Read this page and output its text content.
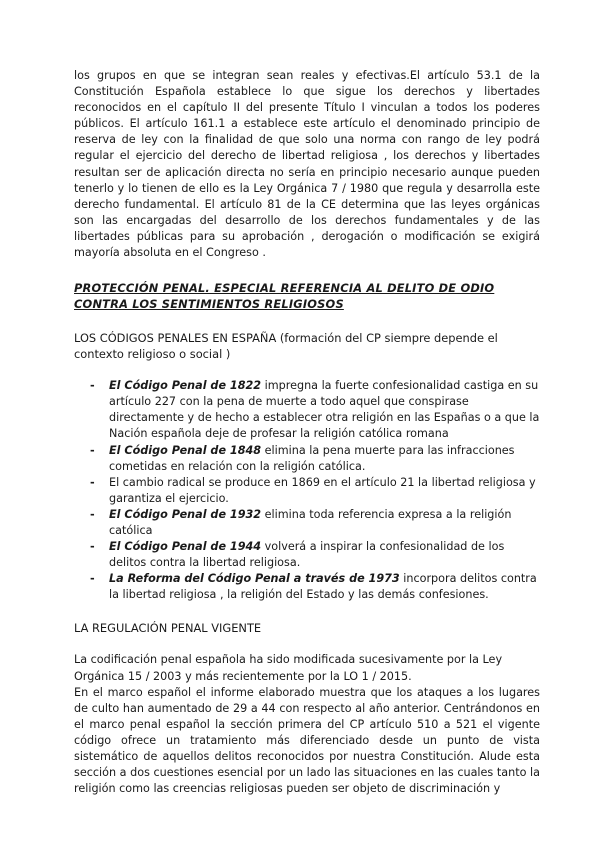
los grupos en que se integran sean reales y efectivas.El artículo 53.1 de la Constitución Española establece lo que sigue los derechos y libertades reconocidos en el capítulo II del presente Título I vinculan a todos los poderes públicos. El artículo 161.1 a establece este artículo el denominado principio de reserva de ley con la finalidad de que solo una norma con rango de ley podrá regular el ejercicio del derecho de libertad religiosa , los derechos y libertades resultan ser de aplicación directa no sería en principio necesario aunque pueden tenerlo y lo tienen de ello es la Ley Orgánica 7 / 1980 que regula y desarrolla este derecho fundamental. El artículo 81 de la CE determina que las leyes orgánicas son las encargadas del desarrollo de los derechos fundamentales y de las libertades públicas para su aprobación , derogación o modificación se exigirá mayoría absoluta en el Congreso .

PROTECCIÓN PENAL. ESPECIAL REFERENCIA AL DELITO DE ODIO CONTRA LOS SENTIMIENTOS RELIGIOSOS

LOS CÓDIGOS PENALES EN ESPAÑA (formación del CP siempre depende el contexto religioso o social )

- El Código Penal de 1822 impregna la fuerte confesionalidad castiga en su artículo 227 con la pena de muerte a todo aquel que conspirase directamente y de hecho a establecer otra religión en las Españas o a que la Nación española deje de profesar la religión católica romana
- El Código Penal de 1848 elimina la pena muerte para las infracciones cometidas en relación con la religión católica.
- El cambio radical se produce en 1869 en el artículo 21 la libertad religiosa y garantiza el ejercicio.
- El Código Penal de 1932 elimina toda referencia expresa a la religión católica
- El Código Penal de 1944 volverá a inspirar la confesionalidad de los delitos contra la libertad religiosa.
- La Reforma del Código Penal a través de 1973 incorpora delitos contra la libertad religiosa , la religión del Estado y las demás confesiones.

LA REGULACIÓN PENAL VIGENTE

La codificación penal española ha sido modificada sucesivamente por la Ley Orgánica 15 / 2003 y más recientemente por la LO 1 / 2015.

En el marco español el informe elaborado muestra que los ataques a los lugares de culto han aumentado de 29 a 44 con respecto al año anterior. Centrándonos en el marco penal español la sección primera del CP artículo 510 a 521 el vigente código ofrece un tratamiento más diferenciado desde un punto de vista sistemático de aquellos delitos reconocidos por nuestra Constitución. Alude esta sección a dos cuestiones esencial por un lado las situaciones en las cuales tanto la religión como las creencias religiosas pueden ser objeto de discriminación y
